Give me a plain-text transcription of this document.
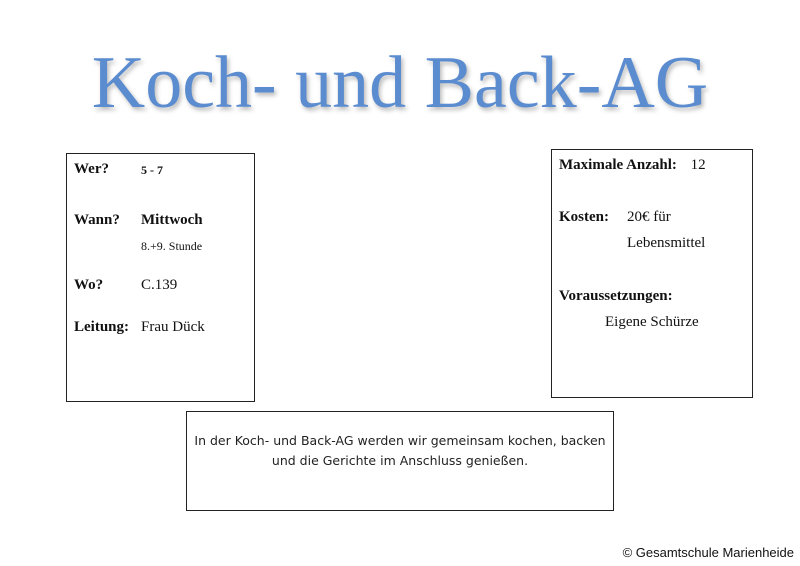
Koch- und Back-AG
Wer?	5 - 7
Wann? Mittwoch
8.+9. Stunde
Wo?	C.139
Leitung: Frau Dück
Maximale Anzahl: 12
Kosten: 20€ für
Lebensmittel
Voraussetzungen:
Eigene Schürze
In der Koch- und Back-AG werden wir gemeinsam kochen, backen
und die Gerichte im Anschluss genießen.
© Gesamtschule Marienheide
